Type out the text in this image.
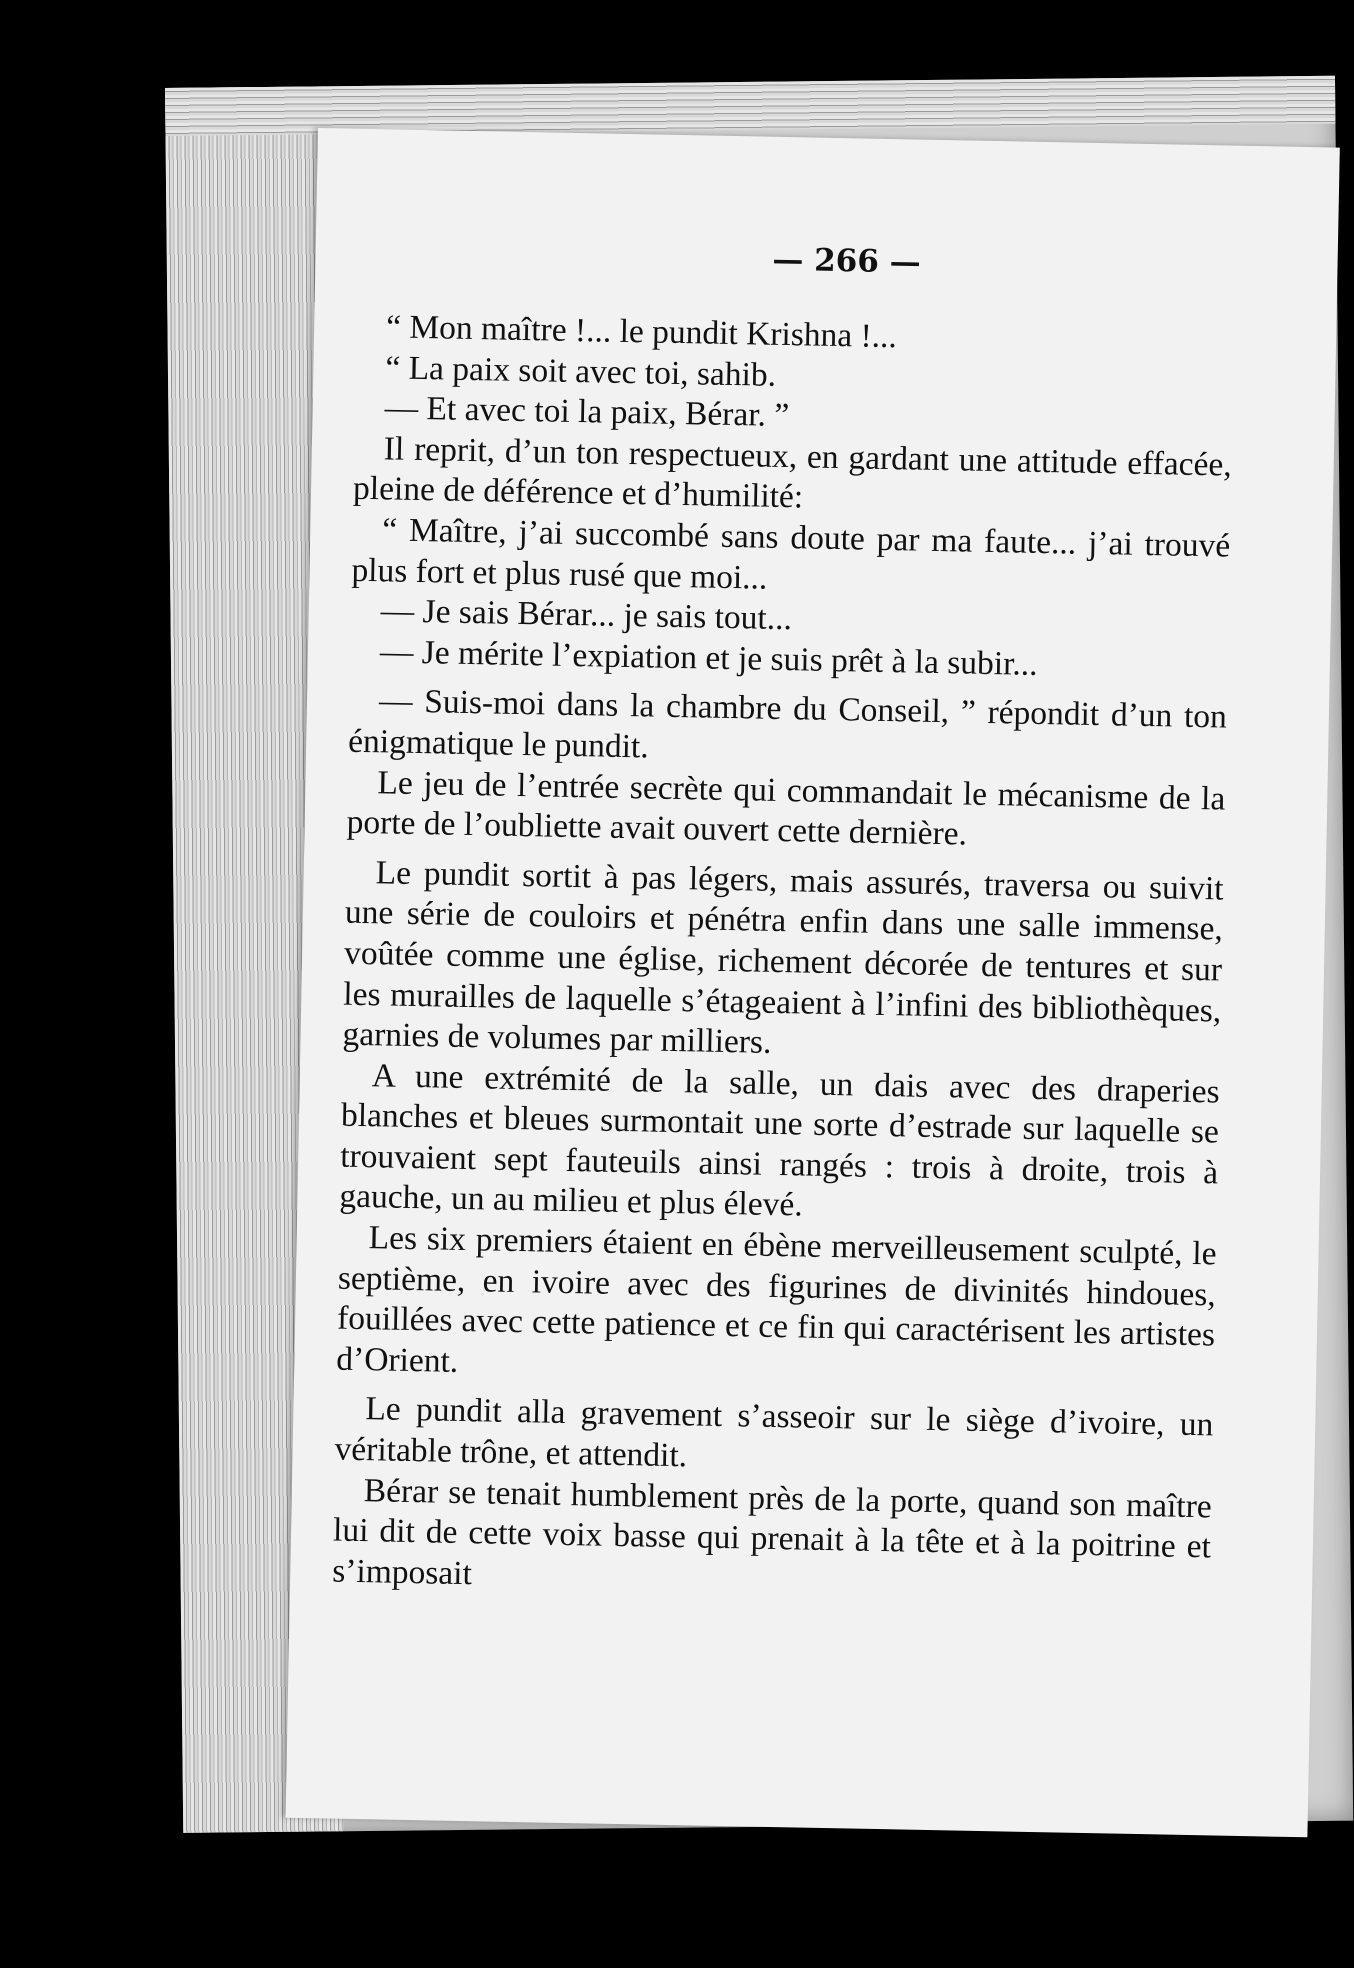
— 266 —

“ Mon maître !... le pundit Krishna !...

“ La paix soit avec toi, sahib.

— Et avec toi la paix, Bérar. ”

Il reprit, d’un ton respectueux, en gardant une attitude effacée, pleine de déférence et d’humilité:

“ Maître, j’ai succombé sans doute par ma faute... j’ai trouvé plus fort et plus rusé que moi...

— Je sais Bérar... je sais tout...

— Je mérite l’expiation et je suis prêt à la subir...

— Suis-moi dans la chambre du Conseil, ” répondit d’un ton énigmatique le pundit.

Le jeu de l’entrée secrète qui commandait le mécanisme de la porte de l’oubliette avait ouvert cette dernière.

Le pundit sortit à pas légers, mais assurés, traversa ou suivit une série de couloirs et pénétra enfin dans une salle immense, voûtée comme une église, richement décorée de tentures et sur les murailles de laquelle s’étageaient à l’infini des bibliothèques, garnies de volumes par milliers.

A une extrémité de la salle, un dais avec des draperies blanches et bleues surmontait une sorte d’estrade sur laquelle se trouvaient sept fauteuils ainsi rangés : trois à droite, trois à gauche, un au milieu et plus élevé.

Les six premiers étaient en ébène merveilleusement sculpté, le septième, en ivoire avec des figurines de divinités hindoues, fouillées avec cette patience et ce fin qui caractérisent les artistes d’Orient.

Le pundit alla gravement s’asseoir sur le siège d’ivoire, un véritable trône, et attendit.

Bérar se tenait humblement près de la porte, quand son maître lui dit de cette voix basse qui prenait à la tête et à la poitrine et s’imposait
